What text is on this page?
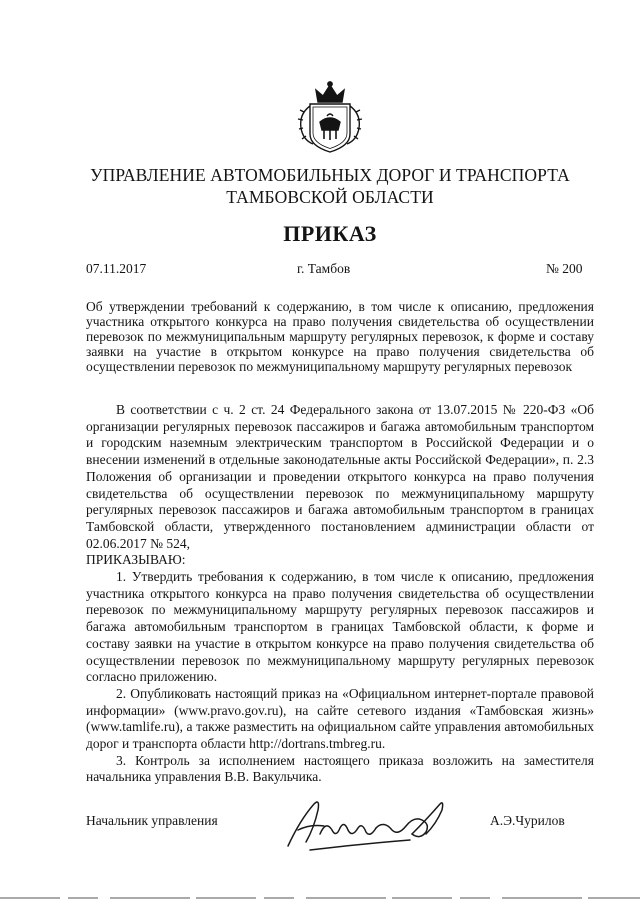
УПРАВЛЕНИЕ АВТОМОБИЛЬНЫХ ДОРОГ И ТРАНСПОРТА
ТАМБОВСКОЙ ОБЛАСТИ
ПРИКАЗ
07.11.2017	г. Тамбов	№ 200
Об утверждении требований к содержанию, в том числе к описанию, предложения участника открытого конкурса на право получения свидетельства об осуществлении перевозок по межмуниципальным маршруту регулярных перевозок, к форме и составу заявки на участие в открытом конкурсе на право получения свидетельства об осуществлении перевозок по межмуниципальному маршруту регулярных перевозок

В соответствии с ч. 2 ст. 24 Федерального закона от 13.07.2015 № 220-ФЗ «Об организации регулярных перевозок пассажиров и багажа автомобильным транспортом и городским наземным электрическим транспортом в Российской Федерации и о внесении изменений в отдельные законодательные акты Российской Федерации», п. 2.3 Положения об организации и проведении открытого конкурса на право получения свидетельства об осуществлении перевозок по межмуниципальному маршруту регулярных перевозок пассажиров и багажа автомобильным транспортом в границах Тамбовской области, утвержденного постановлением администрации области от 02.06.2017 № 524,

ПРИКАЗЫВАЮ:

1. Утвердить требования к содержанию, в том числе к описанию, предложения участника открытого конкурса на право получения свидетельства об осуществлении перевозок по межмуниципальному маршруту регулярных перевозок пассажиров и багажа автомобильным транспортом в границах Тамбовской области, к форме и составу заявки на участие в открытом конкурсе на право получения свидетельства об осуществлении перевозок по межмуниципальному маршруту регулярных перевозок согласно приложению.

2. Опубликовать настоящий приказ на «Официальном интернет-портале правовой информации» (www.pravo.gov.ru), на сайте сетевого издания «Тамбовская жизнь» (www.tamlife.ru), а также разместить на официальном сайте управления автомобильных дорог и транспорта области http://dortrans.tmbreg.ru.

3. Контроль за исполнением настоящего приказа возложить на заместителя начальника управления В.В. Вакульчика.

Начальник управления	А.Э.Чурилов
